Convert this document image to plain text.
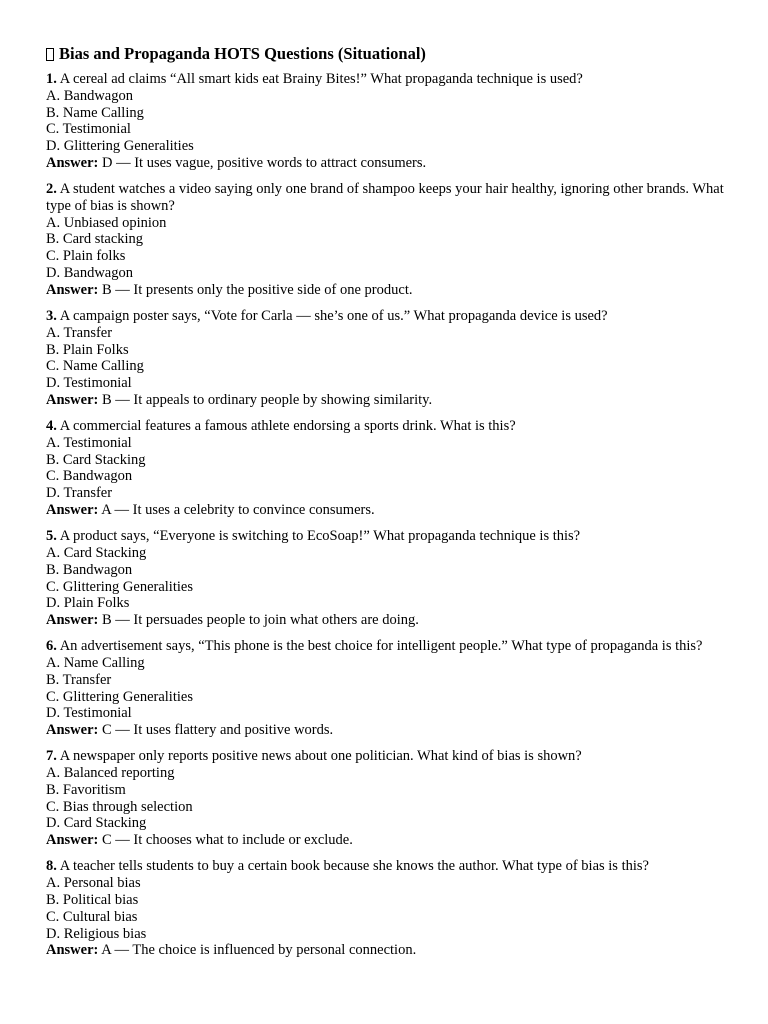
Bias and Propaganda HOTS Questions (Situational)
1. A cereal ad claims “All smart kids eat Brainy Bites!” What propaganda technique is used?
A. Bandwagon
B. Name Calling
C. Testimonial
D. Glittering Generalities
Answer: D — It uses vague, positive words to attract consumers.
2. A student watches a video saying only one brand of shampoo keeps your hair healthy, ignoring other brands. What type of bias is shown?
A. Unbiased opinion
B. Card stacking
C. Plain folks
D. Bandwagon
Answer: B — It presents only the positive side of one product.
3. A campaign poster says, “Vote for Carla — she’s one of us.” What propaganda device is used?
A. Transfer
B. Plain Folks
C. Name Calling
D. Testimonial
Answer: B — It appeals to ordinary people by showing similarity.
4. A commercial features a famous athlete endorsing a sports drink. What is this?
A. Testimonial
B. Card Stacking
C. Bandwagon
D. Transfer
Answer: A — It uses a celebrity to convince consumers.
5. A product says, “Everyone is switching to EcoSoap!” What propaganda technique is this?
A. Card Stacking
B. Bandwagon
C. Glittering Generalities
D. Plain Folks
Answer: B — It persuades people to join what others are doing.
6. An advertisement says, “This phone is the best choice for intelligent people.” What type of propaganda is this?
A. Name Calling
B. Transfer
C. Glittering Generalities
D. Testimonial
Answer: C — It uses flattery and positive words.
7. A newspaper only reports positive news about one politician. What kind of bias is shown?
A. Balanced reporting
B. Favoritism
C. Bias through selection
D. Card Stacking
Answer: C — It chooses what to include or exclude.
8. A teacher tells students to buy a certain book because she knows the author. What type of bias is this?
A. Personal bias
B. Political bias
C. Cultural bias
D. Religious bias
Answer: A — The choice is influenced by personal connection.
